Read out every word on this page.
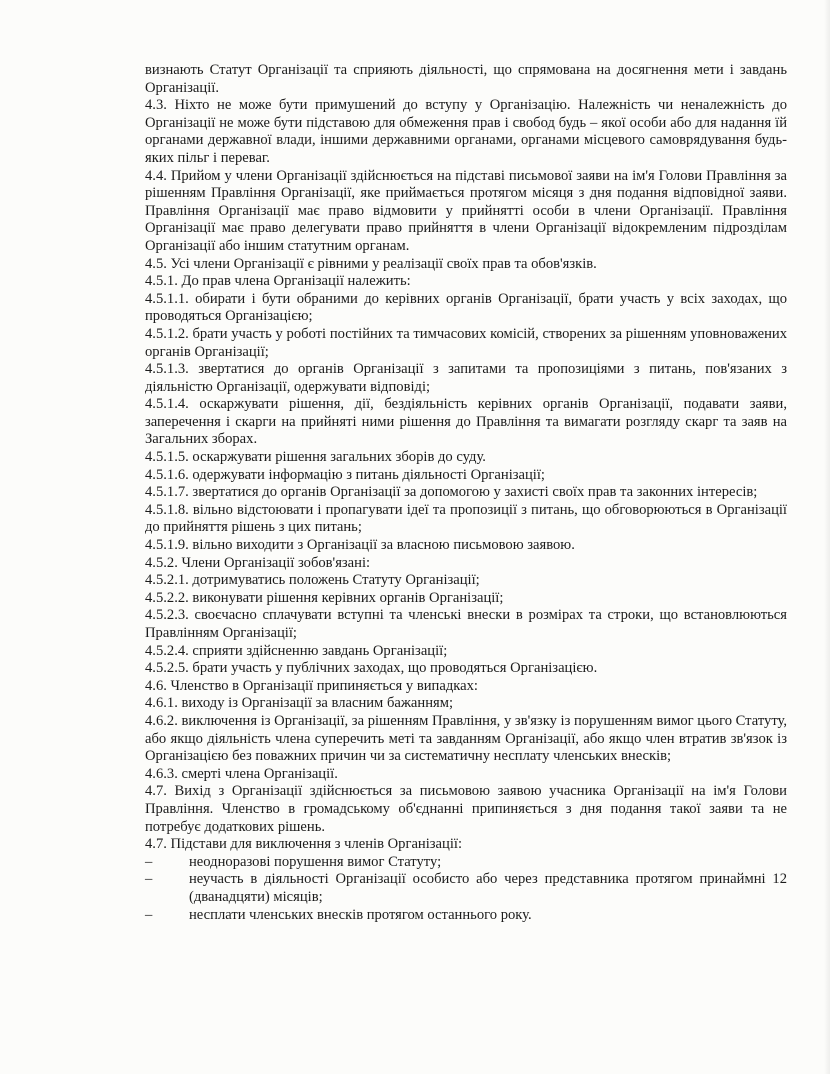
визнають Статут Організації та сприяють діяльності, що спрямована на досягнення мети і завдань Організації.

4.3. Ніхто не може бути примушений до вступу у Організацію. Належність чи неналежність до Організації не може бути підставою для обмеження прав і свобод будь – якої особи або для надання їй органами державної влади, іншими державними органами, органами місцевого самоврядування будь-яких пільг і переваг.

4.4. Прийом у члени Організації здійснюється на підставі письмової заяви на ім'я Голови Правління за рішенням Правління Організації, яке приймається протягом місяця з дня подання відповідної заяви. Правління Організації має право відмовити у прийнятті особи в члени Організації. Правління Організації має право делегувати право прийняття в члени Організації відокремленим підрозділам Організації або іншим статутним органам.

4.5. Усі члени Організації є рівними у реалізації своїх прав та обов'язків.

4.5.1. До прав члена Організації належить:

4.5.1.1. обирати і бути обраними до керівних органів Організації, брати участь у всіх заходах, що проводяться Організацією;

4.5.1.2. брати участь у роботі постійних та тимчасових комісій, створених за рішенням уповноважених органів Організації;

4.5.1.3. звертатися до органів Організації з запитами та пропозиціями з питань, пов'язаних з діяльністю Організації, одержувати відповіді;

4.5.1.4. оскаржувати рішення, дії, бездіяльність керівних органів Організації, подавати заяви, заперечення і скарги на прийняті ними рішення до Правління та вимагати розгляду скарг та заяв на Загальних зборах.

4.5.1.5. оскаржувати рішення загальних зборів до суду.

4.5.1.6. одержувати інформацію з питань діяльності Організації;

4.5.1.7. звертатися до органів Організації за допомогою у захисті своїх прав та законних інтересів;

4.5.1.8. вільно відстоювати і пропагувати ідеї та пропозиції з питань, що обговорюються в Організації до прийняття рішень з цих питань;

4.5.1.9. вільно виходити з Організації за власною письмовою заявою.

4.5.2. Члени Організації зобов'язані:

4.5.2.1. дотримуватись положень Статуту Організації;

4.5.2.2. виконувати рішення керівних органів Організації;

4.5.2.3. своєчасно сплачувати вступні та членські внески в розмірах та строки, що встановлюються Правлінням Організації;

4.5.2.4. сприяти здійсненню завдань Організації;

4.5.2.5. брати участь у публічних заходах, що проводяться Організацією.

4.6. Членство в Організації припиняється у випадках:

4.6.1. виходу із Організації за власним бажанням;

4.6.2. виключення із Організації, за рішенням Правління, у зв'язку із порушенням вимог цього Статуту, або якщо діяльність члена суперечить меті та завданням Організації, або якщо член втратив зв'язок із Організацією без поважних причин чи за систематичну несплату членських внесків;

4.6.3. смерті члена Організації.

4.7. Вихід з Організації здійснюється за письмовою заявою учасника Організації на ім'я Голови Правління. Членство в громадському об'єднанні припиняється з дня подання такої заяви та не потребує додаткових рішень.

4.7. Підстави для виключення з членів Організації:

–	неодноразові порушення вимог Статуту;
–	неучасть в діяльності Організації особисто або через представника протягом принаймні 12 (дванадцяти) місяців;
–	несплати членських внесків протягом останнього року.
